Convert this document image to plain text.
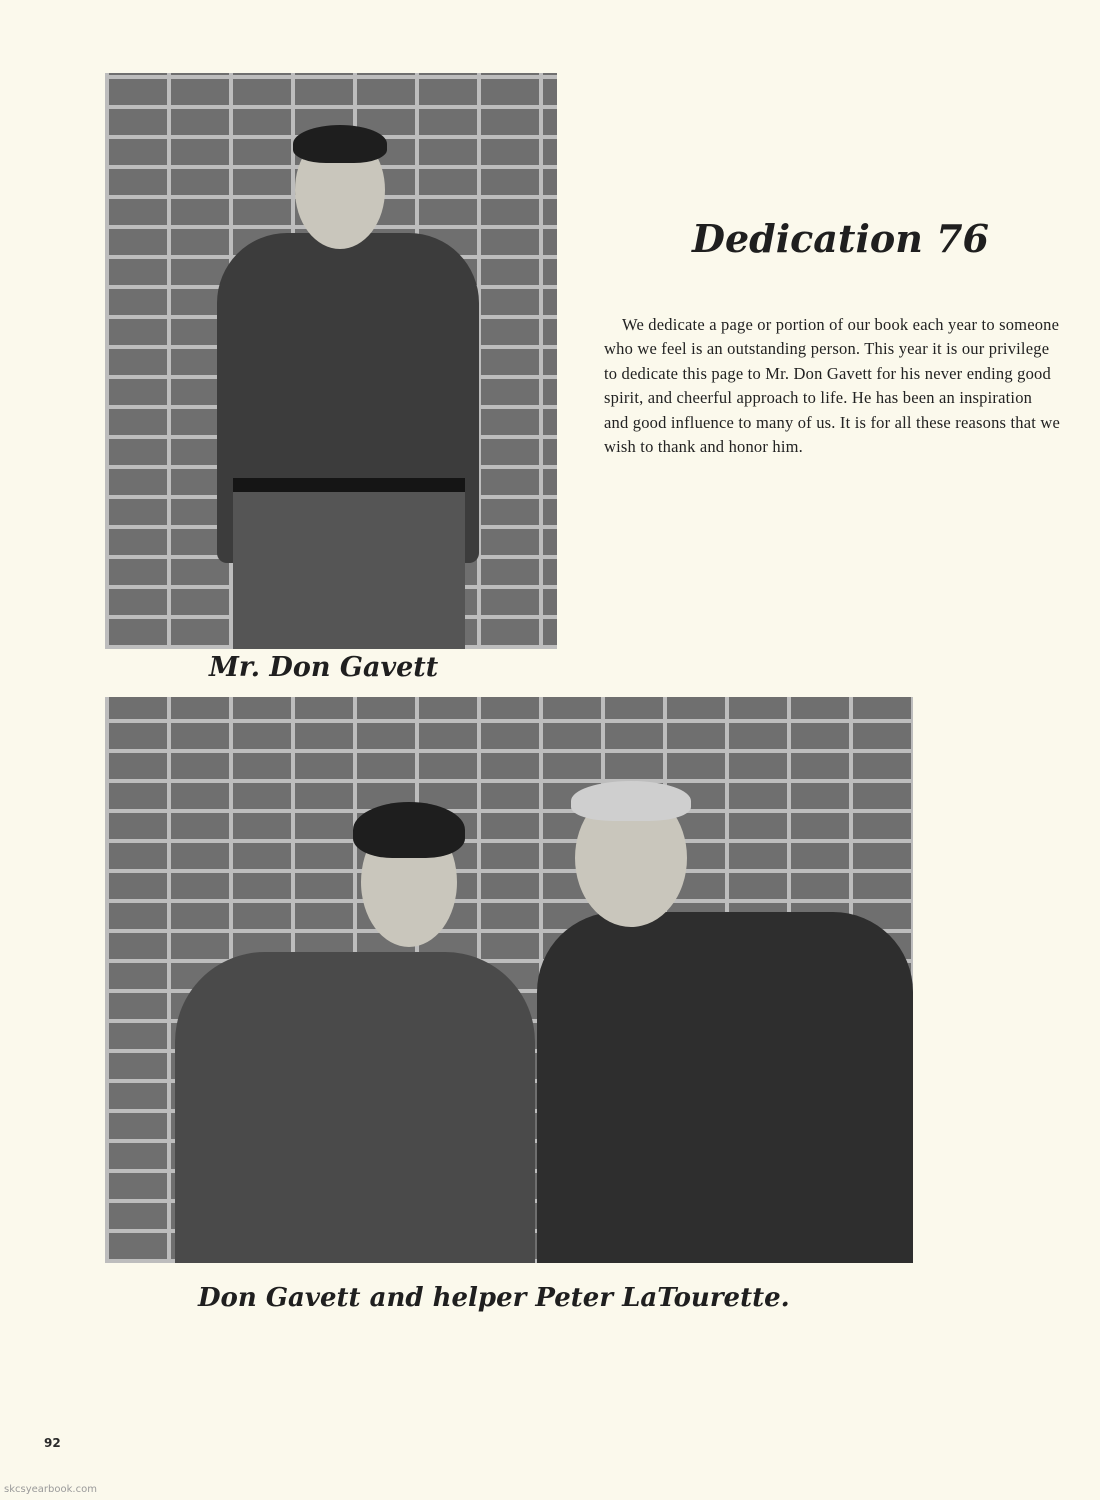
Dedication 76

We dedicate a page or portion of our book each year to someone who we feel is an outstanding person. This year it is our privilege to dedicate this page to Mr. Don Gavett for his never ending good spirit, and cheerful approach to life. He has been an inspiration and good influence to many of us. It is for all these reasons that we wish to thank and honor him.

Mr. Don Gavett
Don Gavett and helper Peter LaTourette.
92
skcsyearbook.com
